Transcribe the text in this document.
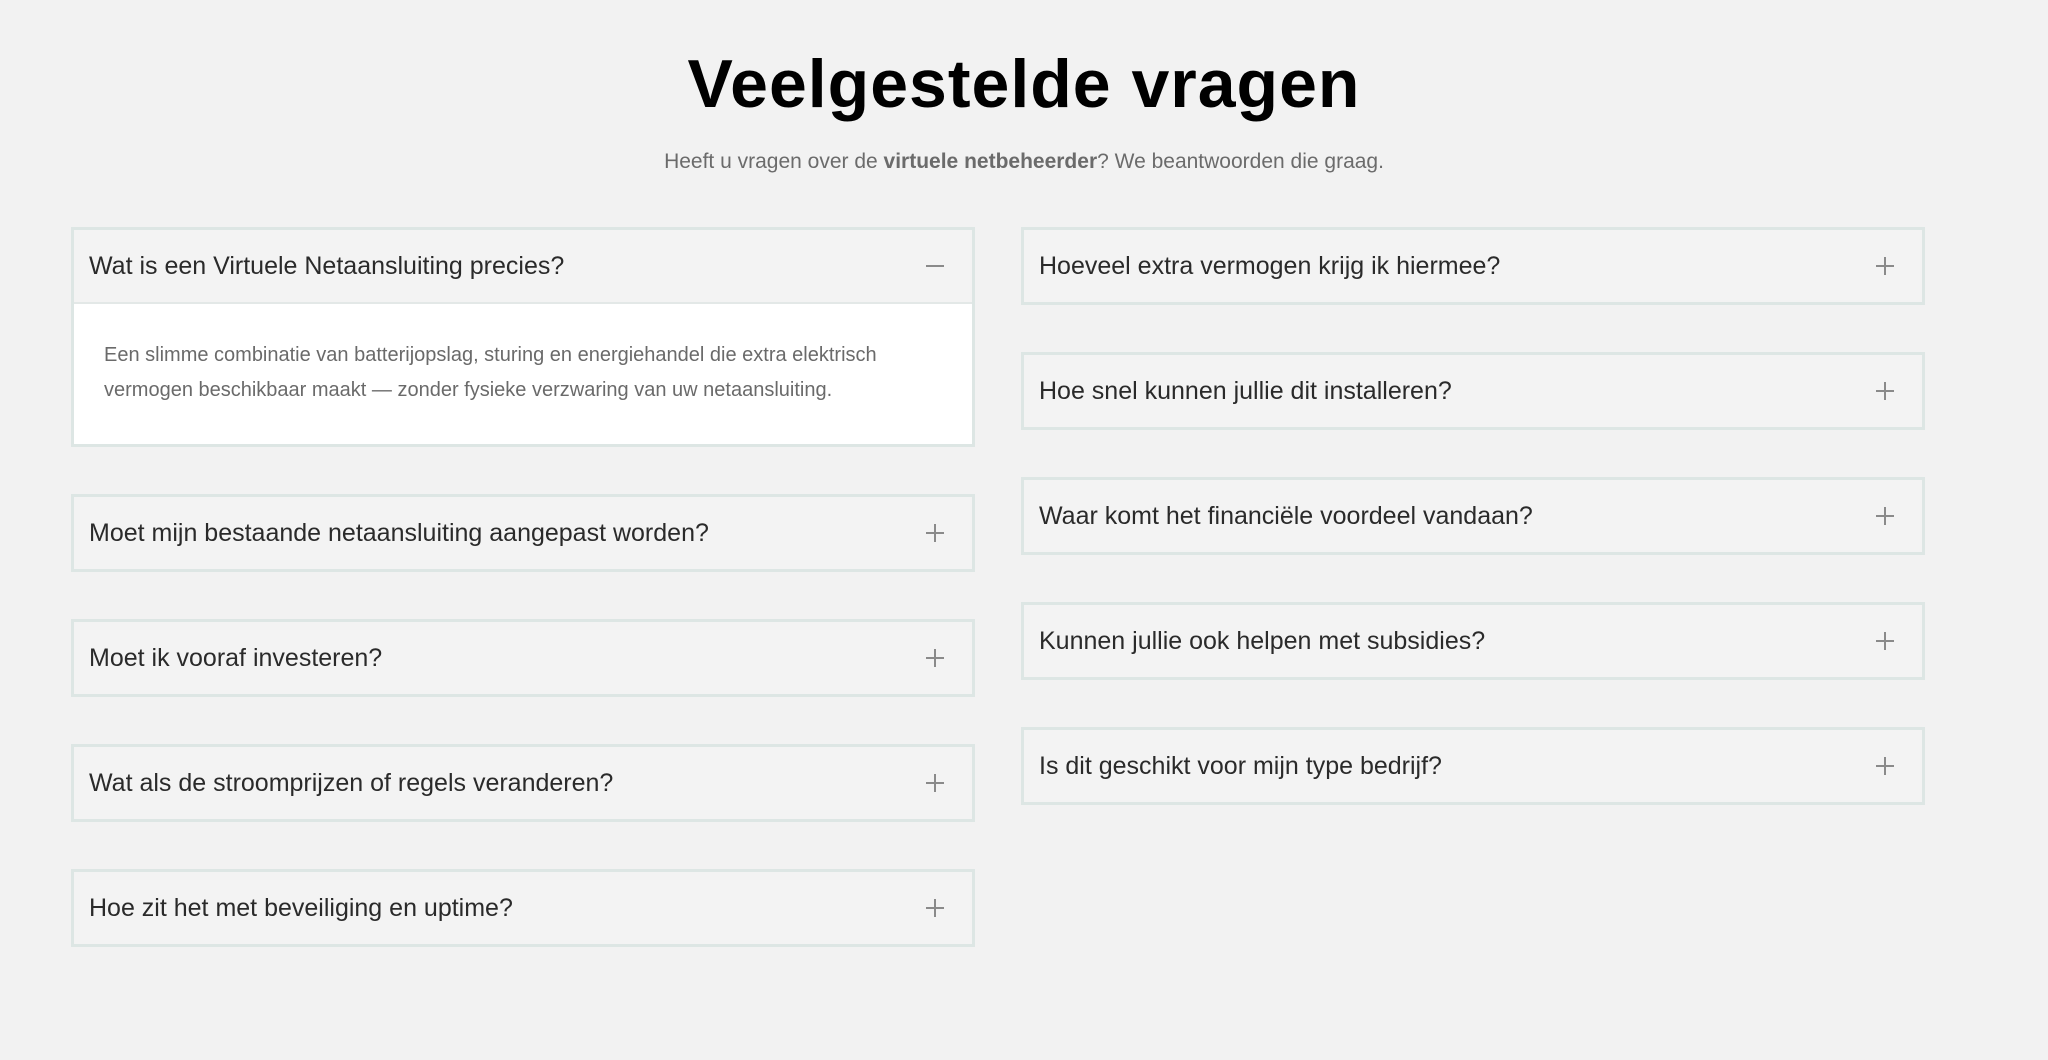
Veelgestelde vragen

Heeft u vragen over de virtuele netbeheerder? We beantwoorden die graag.

Wat is een Virtuele Netaansluiting precies?
Een slimme combinatie van batterijopslag, sturing en energiehandel die extra elektrisch vermogen beschikbaar maakt — zonder fysieke verzwaring van uw netaansluiting.
Moet mijn bestaande netaansluiting aangepast worden?
Moet ik vooraf investeren?
Wat als de stroomprijzen of regels veranderen?
Hoe zit het met beveiliging en uptime?
Hoeveel extra vermogen krijg ik hiermee?
Hoe snel kunnen jullie dit installeren?
Waar komt het financiële voordeel vandaan?
Kunnen jullie ook helpen met subsidies?
Is dit geschikt voor mijn type bedrijf?
